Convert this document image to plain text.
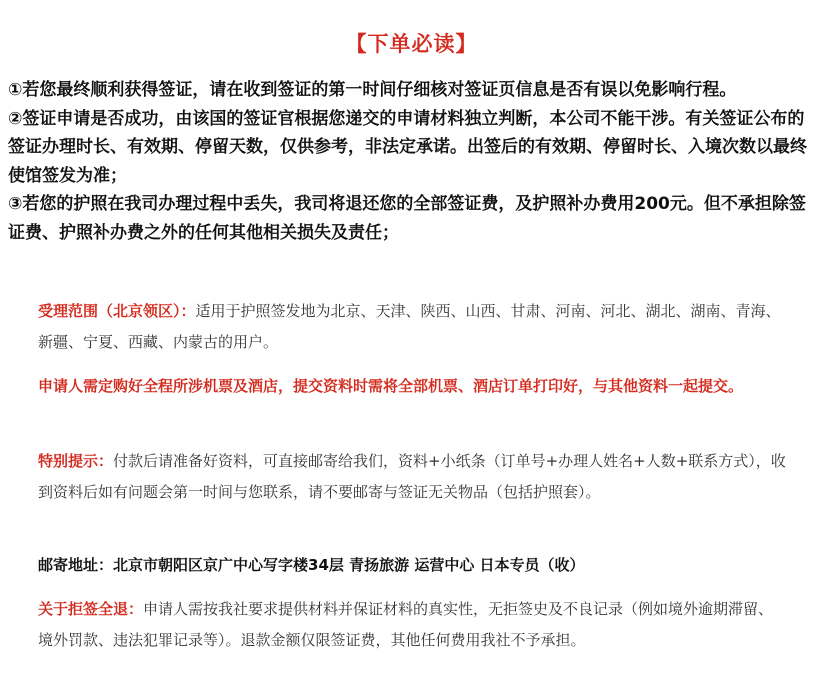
【下单必读】

①若您最终顺利获得签证，请在收到签证的第一时间仔细核对签证页信息是否有误以免影响行程。

②签证申请是否成功，由该国的签证官根据您递交的申请材料独立判断，本公司不能干涉。有关签证公布的签证办理时长、有效期、停留天数，仅供参考，非法定承诺。出签后的有效期、停留时长、入境次数以最终使馆签发为准；

③若您的护照在我司办理过程中丢失，我司将退还您的全部签证费，及护照补办费用200元。但不承担除签证费、护照补办费之外的任何其他相关损失及责任；

受理范围（北京领区）：适用于护照签发地为北京、天津、陕西、山西、甘肃、河南、河北、湖北、湖南、青海、新疆、宁夏、西藏、内蒙古的用户。
申请人需定购好全程所涉机票及酒店，提交资料时需将全部机票、酒店订单打印好，与其他资料一起提交。
特别提示：付款后请准备好资料，可直接邮寄给我们，资料+小纸条（订单号+办理人姓名+人数+联系方式），收到资料后如有问题会第一时间与您联系，请不要邮寄与签证无关物品（包括护照套）。
邮寄地址：北京市朝阳区京广中心写字楼34层 青扬旅游 运营中心 日本专员（收）
关于拒签全退：申请人需按我社要求提供材料并保证材料的真实性，无拒签史及不良记录（例如境外逾期滞留、境外罚款、违法犯罪记录等）。退款金额仅限签证费，其他任何费用我社不予承担。
